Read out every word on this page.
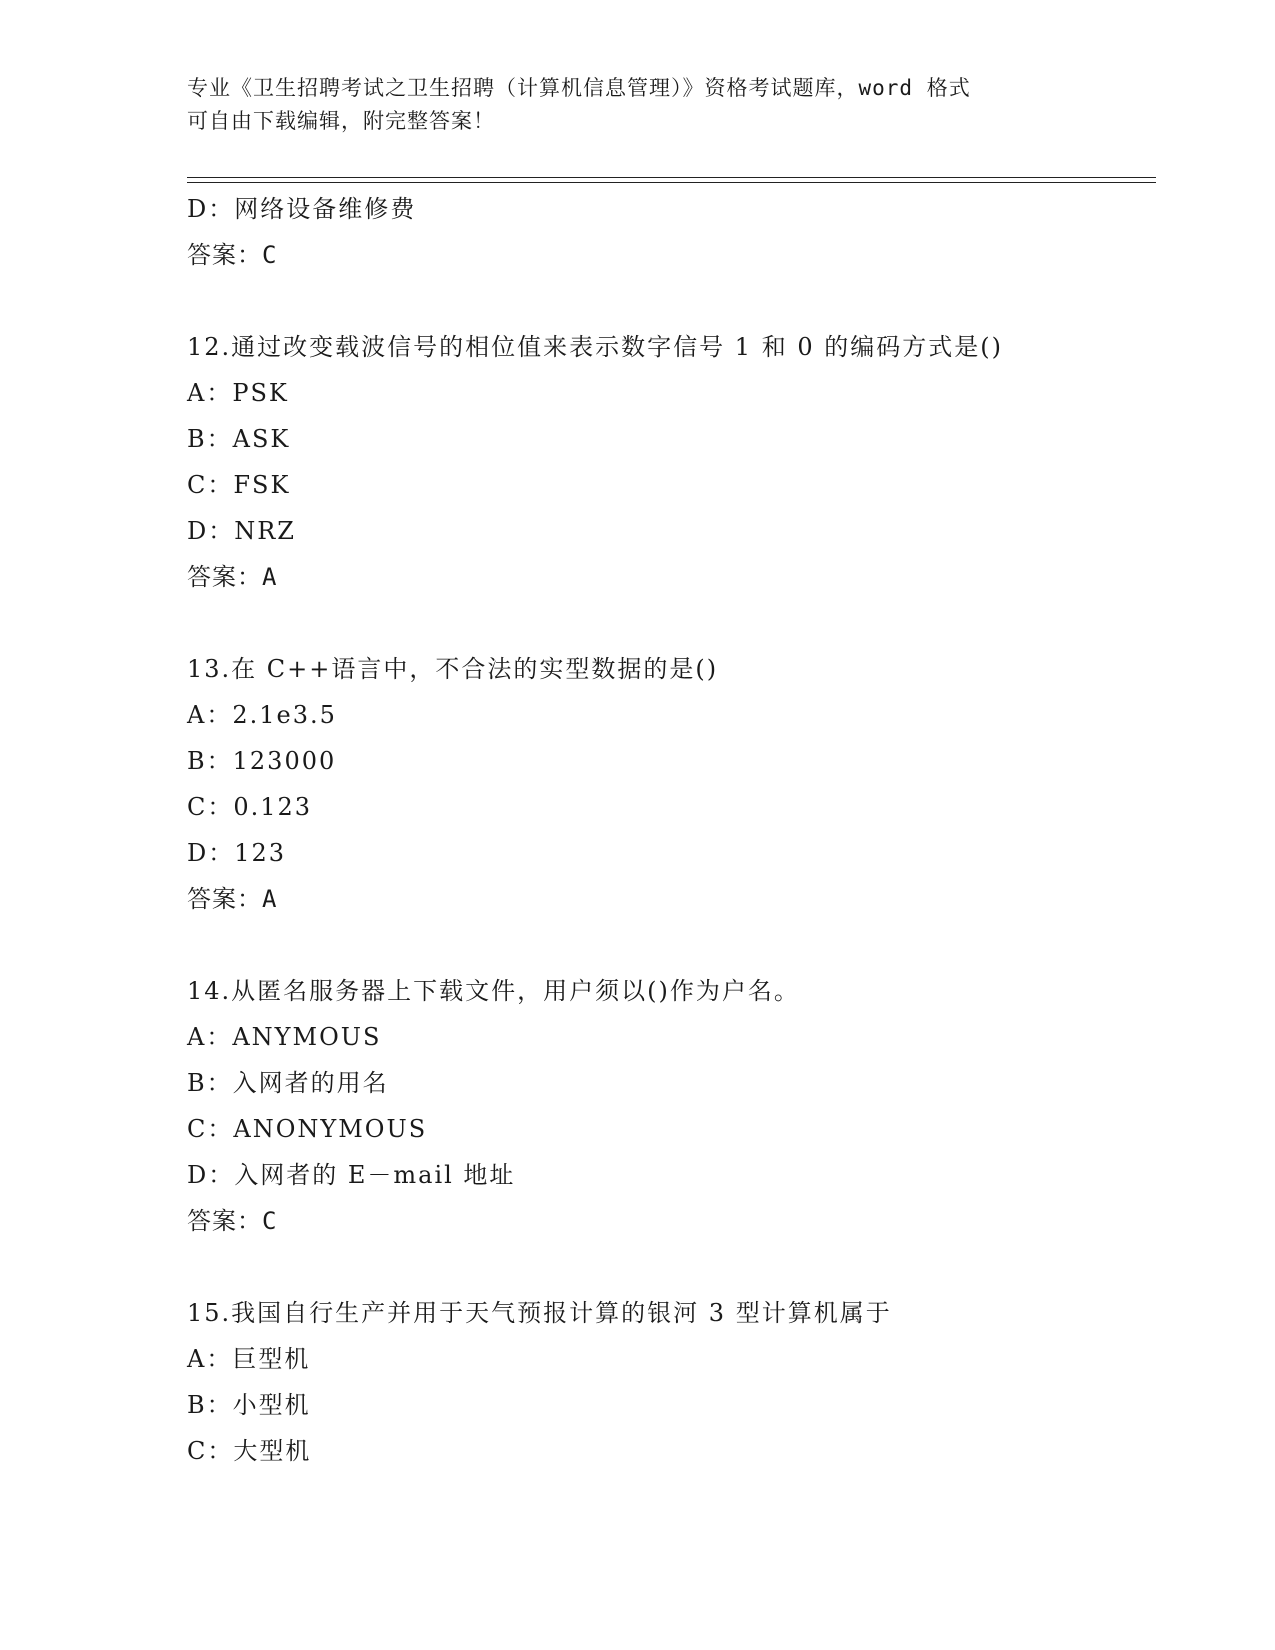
专业《卫生招聘考试之卫生招聘（计算机信息管理）》资格考试题库，word 格式
可自由下载编辑，附完整答案！
D：网络设备维修费
答案：C
12.通过改变载波信号的相位值来表示数字信号 1 和 0 的编码方式是()
A：PSK
B：ASK
C：FSK
D：NRZ
答案：A
13.在 C++语言中，不合法的实型数据的是()
A：2.1e3.5
B：123000
C：0.123
D：123
答案：A
14.从匿名服务器上下载文件，用户须以()作为户名。
A：ANYMOUS
B：入网者的用名
C：ANONYMOUS
D：入网者的 E－mail 地址
答案：C
15.我国自行生产并用于天气预报计算的银河 3 型计算机属于
A：巨型机
B：小型机
C：大型机
